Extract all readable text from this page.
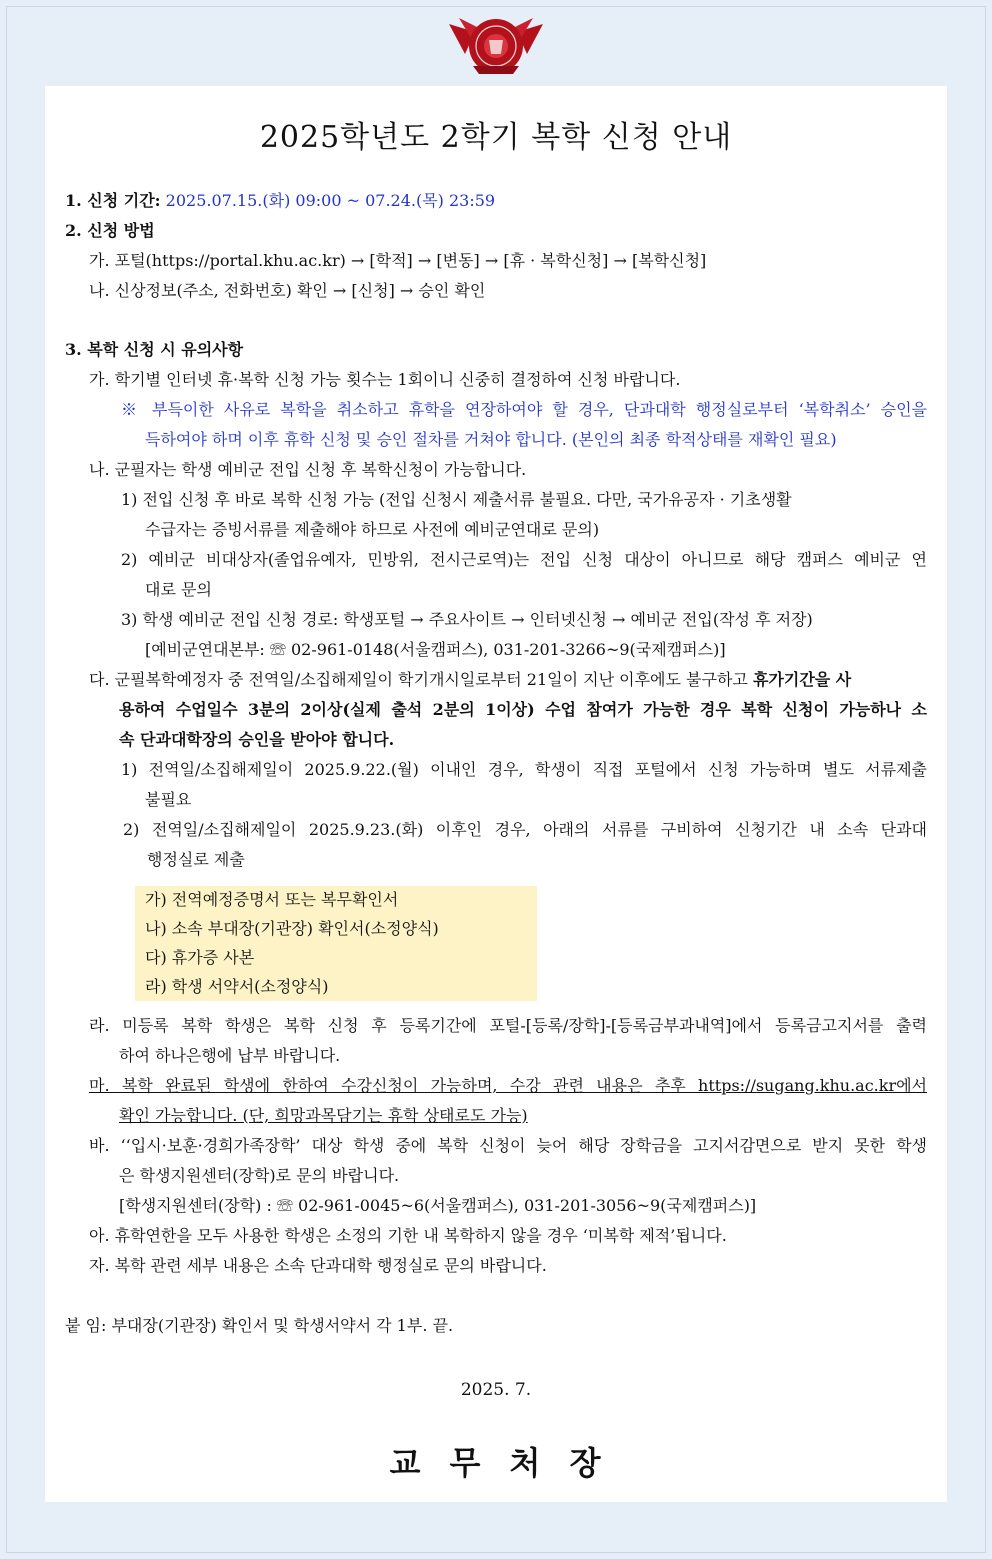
2025학년도 2학기 복학 신청 안내
1. 신청 기간: 2025.07.15.(화) 09:00 ~ 07.24.(목) 23:59
2. 신청 방법
가. 포털(https://portal.khu.ac.kr) → [학적] → [변동] → [휴 · 복학신청] → [복학신청]
나. 신상정보(주소, 전화번호) 확인 → [신청] → 승인 확인
3. 복학 신청 시 유의사항
가. 학기별 인터넷 휴·복학 신청 가능 횟수는 1회이니 신중히 결정하여 신청 바랍니다.
※ 부득이한 사유로 복학을 취소하고 휴학을 연장하여야 할 경우, 단과대학 행정실로부터 ‘복학취소’ 승인을
득하여야 하며 이후 휴학 신청 및 승인 절차를 거쳐야 합니다. (본인의 최종 학적상태를 재확인 필요)
나. 군필자는 학생 예비군 전입 신청 후 복학신청이 가능합니다.
1) 전입 신청 후 바로 복학 신청 가능 (전입 신청시 제출서류 불필요. 다만, 국가유공자 · 기초생활
수급자는 증빙서류를 제출해야 하므로 사전에 예비군연대로 문의)
2) 예비군 비대상자(졸업유예자, 민방위, 전시근로역)는 전입 신청 대상이 아니므로 해당 캠퍼스 예비군 연
대로 문의
3) 학생 예비군 전입 신청 경로: 학생포털 → 주요사이트 → 인터넷신청 → 예비군 전입(작성 후 저장)
[예비군연대본부: ☏ 02-961-0148(서울캠퍼스), 031-201-3266~9(국제캠퍼스)]
다. 군필복학예정자 중 전역일/소집해제일이 학기개시일로부터 21일이 지난 이후에도 불구하고 휴가기간을 사
용하여 수업일수 3분의 2이상(실제 출석 2분의 1이상) 수업 참여가 가능한 경우 복학 신청이 가능하나 소
속 단과대학장의 승인을 받아야 합니다.
1) 전역일/소집해제일이 2025.9.22.(월) 이내인 경우, 학생이 직접 포털에서 신청 가능하며 별도 서류제출
불필요
2) 전역일/소집해제일이 2025.9.23.(화) 이후인 경우, 아래의 서류를 구비하여 신청기간 내 소속 단과대
행정실로 제출
가) 전역예정증명서 또는 복무확인서
나) 소속 부대장(기관장) 확인서(소정양식)
다) 휴가증 사본
라) 학생 서약서(소정양식)
라. 미등록 복학 학생은 복학 신청 후 등록기간에 포털-[등록/장학]-[등록금부과내역]에서 등록금고지서를 출력
하여 하나은행에 납부 바랍니다.
마. 복학 완료된 학생에 한하여 수강신청이 가능하며, 수강 관련 내용은 추후 https://sugang.khu.ac.kr에서
확인 가능합니다. (단, 희망과목담기는 휴학 상태로도 가능)
바. ‘‘입시·보훈·경희가족장학’ 대상 학생 중에 복학 신청이 늦어 해당 장학금을 고지서감면으로 받지 못한 학생
은 학생지원센터(장학)로 문의 바랍니다.
[학생지원센터(장학) : ☏ 02-961-0045~6(서울캠퍼스), 031-201-3056~9(국제캠퍼스)]
아. 휴학연한을 모두 사용한 학생은 소정의 기한 내 복학하지 않을 경우 ‘미복학 제적’됩니다.
자. 복학 관련 세부 내용은 소속 단과대학 행정실로 문의 바랍니다.
붙 임: 부대장(기관장) 확인서 및 학생서약서 각 1부. 끝.
2025. 7.
교 무 처 장
